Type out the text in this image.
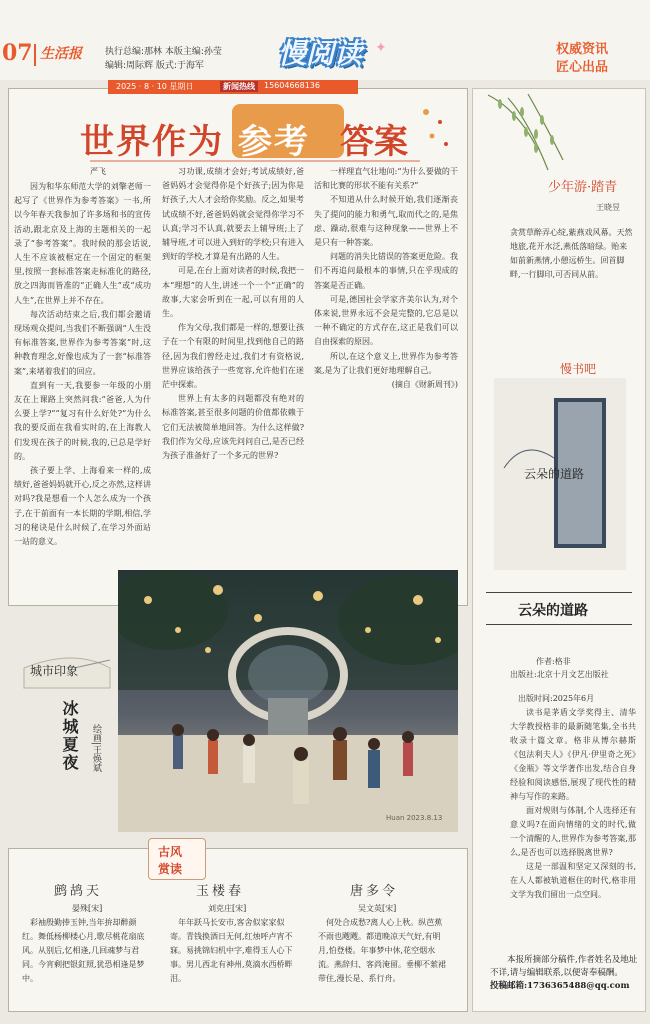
07 生活报	执行总编:那林 本版主编:孙莹
编辑:周际辉 版式:于海军	慢阅读 ✦	权威资讯
匠心出品
2025 · 8 · 10 星期日	新闻热线	15604668136
世界作为 参考 答案
严飞

因为和华东师范大学的刘擎老师一起写了《世界作为参考答案》一书,所以今年春天我参加了许多场和书的宣传活动,跟北京及上海的主题相关的一起录了“参考答案”。我时候的那会话说,人生不应该被框定在一个固定的框架里,按照一套标准答案走标准化的路径,放之四海而皆准的“正确人生”或“成功人生”,在世界上并不存在。

每次活动结束之后,我们都会邀请现场观众提问,当我们不断强调“人生没有标准答案,世界作为参考答案”时,这种教育理念,好像也成为了一套“标准答案”,来堵着我们的回应。

直到有一天,我要参一年级的小朋友在上课路上突然问我:“爸爸,人为什么要上学?”“复习有什么好处?”为什么我的要反面在我看实时的,在上海教人们发现在孩子的时候,我的,已总是学好的。

孩子要上学、上海看来一样的,成绩好,爸爸妈妈就开心,反之亦然,这样讲对吗?我是想看一个人怎么成为一个孩子,在于前面有一本长期的学期,相信,学习的秘诀是什么时候了,在学习外面站一站的意义。

习功课,成绩才会好;考试成绩好,爸爸妈妈才会觉得你是个好孩子;因为你是好孩子,大人才会给你奖励。反之,如果考试成绩不好,爸爸妈妈就会觉得你学习不认真;学习不认真,就要去上辅导班;上了辅导班,才可以进入到好的学校;只有进入到好的学校,才算是有出路的人生。

可是,在台上面对读者的时候,我把一本“理想”的人生,讲述一个一个“正确”的故事,大家会听到在一起,可以有用的人生。

作为父母,我们都是一样的,想要让孩子在一个有限的时间里,找到他自己的路径,因为我们曾经走过,我们才有资格说,世界应该给孩子一些宽容,允许他们在迷茫中探索。

世界上有太多的问题都没有绝对的标准答案,甚至很多问题的价值都依赖于它们无法被简单地回答。为什么这样做?我们作为父母,应该先问问自己,是否已经为孩子准备好了一个多元的世界?

一样理直气壮地问:“为什么要做的干活和比赛的形状不能有关系?”

不知道从什么时候开始,我们逐渐丧失了提问的能力和勇气,取而代之的,是焦虑、躁动,很难与这种现象——世界上不是只有一种答案。

问题的消失比错误的答案更危险。我们不再追问最根本的事情,只在乎现成的答案是否正确。

可是,德国社会学家齐美尔认为,对个体来说,世界永远不会是完整的,它总是以一种不确定的方式存在,这正是我们可以自由探索的原因。

所以,在这个意义上,世界作为参考答案,是为了让我们更好地理解自己。

(摘自《财新周刊》)

Huan 2023.8.13
城市印象
冰城夏夜 绘画|王焕斌
古风
赏读
鹧鸪天
晏殊[宋]
彩袖殷勤捧玉钟,当年拚却醉颜红。舞低杨柳楼心月,歌尽桃花扇底风。从别后,忆相逢,几回魂梦与君同。今宵剩把银釭照,犹恐相逢是梦中。
玉楼春
刘克庄[宋]
年年跃马长安市,客舍似家家似寄。青钱换酒日无何,红烛呼卢宵不寐。易挑锦妇机中字,难得玉人心下事。男儿西北有神州,莫滴水西桥畔泪。
唐多令
吴文英[宋]
何处合成愁?离人心上秋。纵芭蕉不雨也飕飕。都道晚凉天气好,有明月,怕登楼。年事梦中休,花空烟水流。燕辞归、客尚淹留。垂柳不萦裙带住,漫长是、系行舟。
少年游·踏青
王晓昱
贪赏草醉弄心绽,紫燕戏风幕。天然地旅,花开水泛,燕低落暗绿。贻来如前新燕情,小憩远桥生。回首脚畔,一行脚印,可否同从前。
慢书吧
云朵的道路
云朵的道路
作者:格非
出版社:北京十月文艺出版社
出版时间:2025年6月

读书是茅盾文学奖得主、清华大学教授格非的最新随笔集,全书共收录十篇文章。格非从博尔赫斯《包法利夫人》《伊凡·伊里奇之死》《金瓶》等文学著作出发,结合自身经验和阅读感悟,展现了现代性的精神与写作的来路。

面对规则与体制,个人选择还有意义吗?在面向情绪的文的时代,做一个清醒的人,世界作为参考答案,那么,是否也可以选择脱离世界?

这是一部温和坚定又深刻的书,在人人都被轨道框住的时代,格非用文学为我们留出一点空间。

本报所摘部分稿件,作者姓名及地址不详,请与编辑联系,以便寄奉稿酬。

投稿邮箱:1736365488@qq.com
